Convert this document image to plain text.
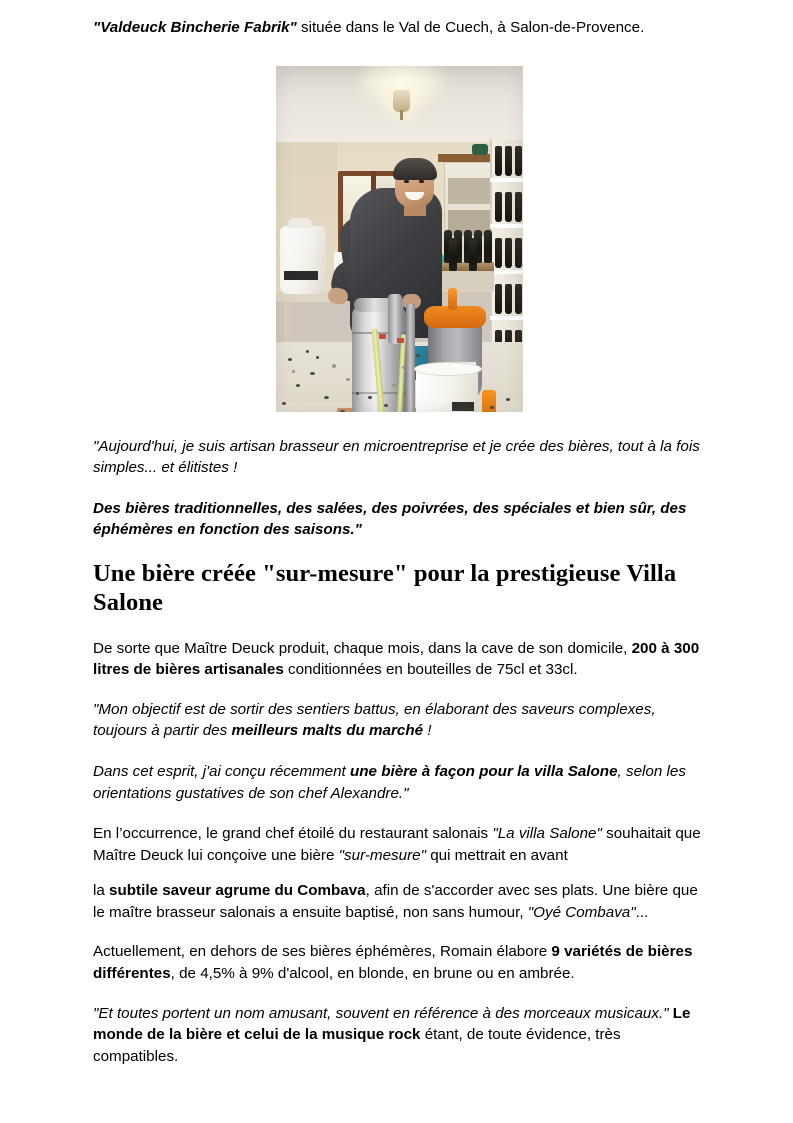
"Valdeuck Bincherie Fabrik" située dans le Val de Cuech, à Salon-de-Provence.

"Aujourd'hui, je suis artisan brasseur en microentreprise et je crée des bières, tout à la fois simples... et élitistes !

Des bières traditionnelles, des salées, des poivrées, des spéciales et bien sûr, des éphémères en fonction des saisons."

Une bière créée "sur-mesure" pour la prestigieuse Villa Salone

De sorte que Maître Deuck produit, chaque mois, dans la cave de son domicile, 200 à 300 litres de bières artisanales conditionnées en bouteilles de 75cl et 33cl.

"Mon objectif est de sortir des sentiers battus, en élaborant des saveurs complexes, toujours à partir des meilleurs malts du marché !

Dans cet esprit, j'ai conçu récemment une bière à façon pour la villa Salone, selon les orientations gustatives de son chef Alexandre."

En l’occurrence, le grand chef étoilé du restaurant salonais "La villa Salone" souhaitait que Maître Deuck lui conçoive une bière "sur-mesure" qui mettrait en avant

la subtile saveur agrume du Combava, afin de s'accorder avec ses plats. Une bière que le maître brasseur salonais a ensuite baptisé, non sans humour, "Oyé Combava"...

Actuellement, en dehors de ses bières éphémères, Romain élabore 9 variétés de bières différentes, de 4,5% à 9% d'alcool, en blonde, en brune ou en ambrée.

"Et toutes portent un nom amusant, souvent en référence à des morceaux musicaux." Le monde de la bière et celui de la musique rock étant, de toute évidence, très compatibles.
